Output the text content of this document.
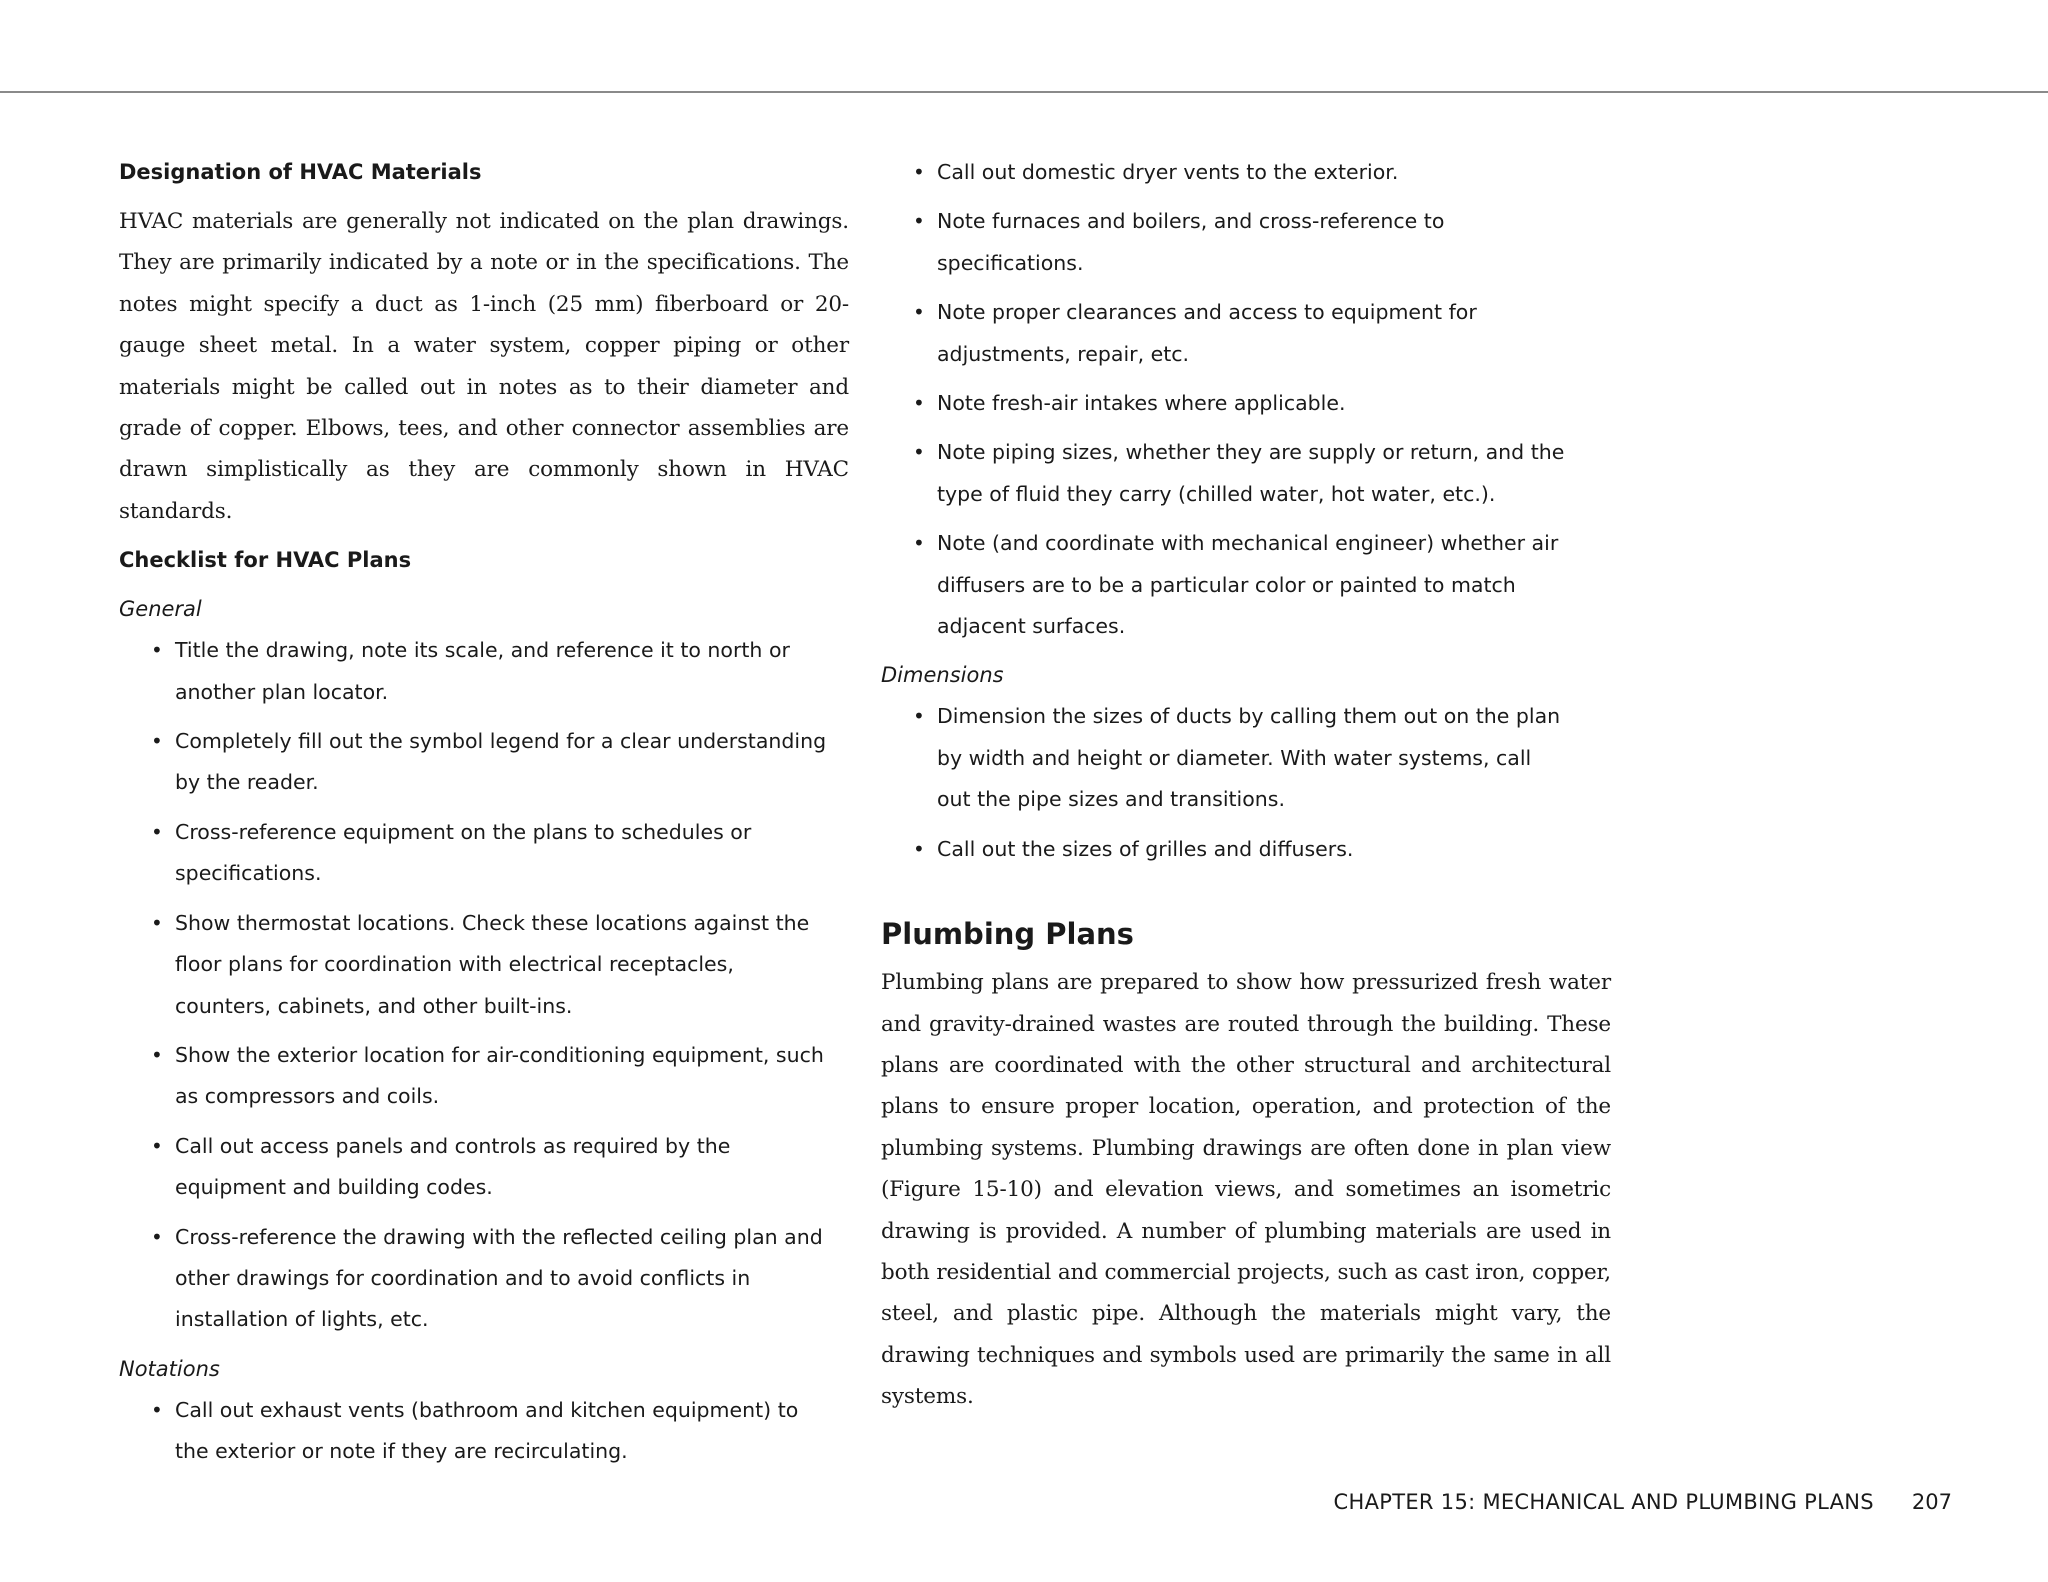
Designation of HVAC Materials

HVAC materials are generally not indicated on the plan drawings. They are primarily indicated by a note or in the specifications. The notes might specify a duct as 1-inch (25 mm) fiberboard or 20-gauge sheet metal. In a water system, copper piping or other materials might be called out in notes as to their diameter and grade of copper. Elbows, tees, and other connector assemblies are drawn simplistically as they are commonly shown in HVAC standards.

Checklist for HVAC Plans
General
• Title the drawing, note its scale, and reference it to north or another plan locator.
• Completely fill out the symbol legend for a clear understanding by the reader.
• Cross-reference equipment on the plans to schedules or specifications.
• Show thermostat locations. Check these locations against the floor plans for coordination with electrical receptacles, counters, cabinets, and other built-ins.
• Show the exterior location for air-conditioning equipment, such as compressors and coils.
• Call out access panels and controls as required by the equipment and building codes.
• Cross-reference the drawing with the reflected ceiling plan and other drawings for coordination and to avoid conflicts in installation of lights, etc.
Notations
• Call out exhaust vents (bathroom and kitchen equipment) to the exterior or note if they are recirculating.
• Call out domestic dryer vents to the exterior.
• Note furnaces and boilers, and cross-reference to specifications.
• Note proper clearances and access to equipment for adjustments, repair, etc.
• Note fresh-air intakes where applicable.
• Note piping sizes, whether they are supply or return, and the type of fluid they carry (chilled water, hot water, etc.).
• Note (and coordinate with mechanical engineer) whether air diffusers are to be a particular color or painted to match adjacent surfaces.
Dimensions
• Dimension the sizes of ducts by calling them out on the plan by width and height or diameter. With water systems, call out the pipe sizes and transitions.
• Call out the sizes of grilles and diffusers.
Plumbing Plans

Plumbing plans are prepared to show how pressurized fresh water and gravity-drained wastes are routed through the building. These plans are coordinated with the other structural and architectural plans to ensure proper location, operation, and protection of the plumbing systems. Plumbing drawings are often done in plan view (Figure 15-10) and elevation views, and sometimes an isometric drawing is provided. A number of plumbing materials are used in both residential and commercial projects, such as cast iron, copper, steel, and plastic pipe. Although the materials might vary, the drawing techniques and symbols used are primarily the same in all systems.

CHAPTER 15: MECHANICAL AND PLUMBING PLANS 207
